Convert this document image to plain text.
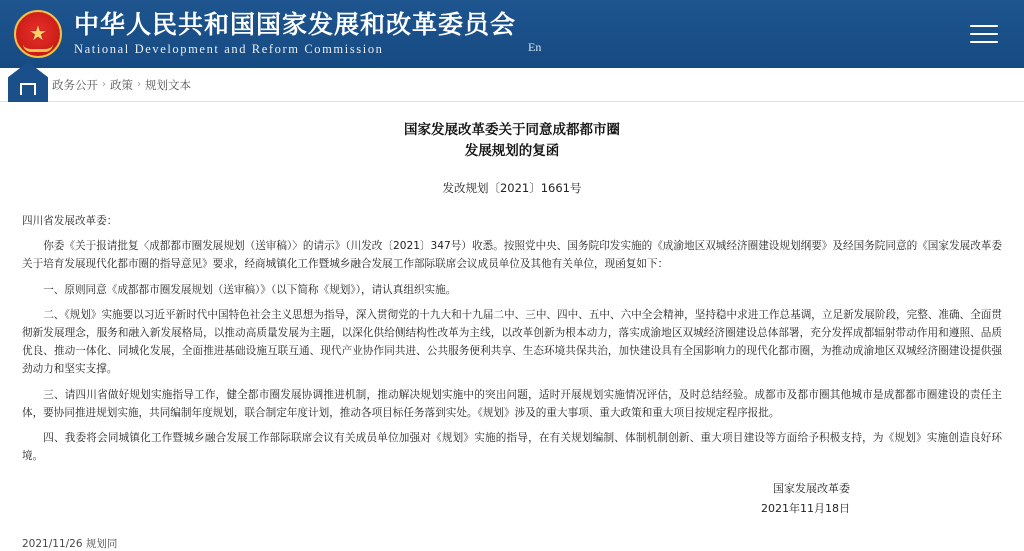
★ 中华人民共和国国家发展和改革委员会
National Development and Reform Commission	En
政务公开 › 政策 › 规划文本
国家发展改革委关于同意成都都市圈
发展规划的复函
发改规划〔2021〕1661号

四川省发展改革委：

你委《关于报请批复〈成都都市圈发展规划（送审稿）〉的请示》（川发改〔2021〕347号）收悉。按照党中央、国务院印发实施的《成渝地区双城经济圈建设规划纲要》及经国务院同意的《国家发展改革委关于培育发展现代化都市圈的指导意见》要求，经商城镇化工作暨城乡融合发展工作部际联席会议成员单位及其他有关单位，现函复如下：

一、原则同意《成都都市圈发展规划（送审稿）》（以下简称《规划》），请认真组织实施。

二、《规划》实施要以习近平新时代中国特色社会主义思想为指导，深入贯彻党的十九大和十九届二中、三中、四中、五中、六中全会精神，坚持稳中求进工作总基调，立足新发展阶段，完整、准确、全面贯彻新发展理念，服务和融入新发展格局，以推动高质量发展为主题，以深化供给侧结构性改革为主线，以改革创新为根本动力，落实成渝地区双城经济圈建设总体部署，充分发挥成都辐射带动作用和遵照、品质优良、推动一体化、同城化发展，全面推进基础设施互联互通、现代产业协作同共进、公共服务便利共享、生态环境共保共治，加快建设具有全国影响力的现代化都市圈，为推动成渝地区双城经济圈建设提供强劲动力和坚实支撑。

三、请四川省做好规划实施指导工作，健全都市圈发展协调推进机制，推动解决规划实施中的突出问题，适时开展规划实施情况评估，及时总结经验。成都市及都市圈其他城市是成都都市圈建设的责任主体，要协同推进规划实施，共同编制年度规划，联合制定年度计划，推动各项目标任务落到实处。《规划》涉及的重大事项、重大政策和重大项目按规定程序报批。

四、我委将会同城镇化工作暨城乡融合发展工作部际联席会议有关成员单位加强对《规划》实施的指导，在有关规划编制、体制机制创新、重大项目建设等方面给予积极支持，为《规划》实施创造良好环境。

国家发展改革委
2021年11月18日
2021/11/26 规划同
